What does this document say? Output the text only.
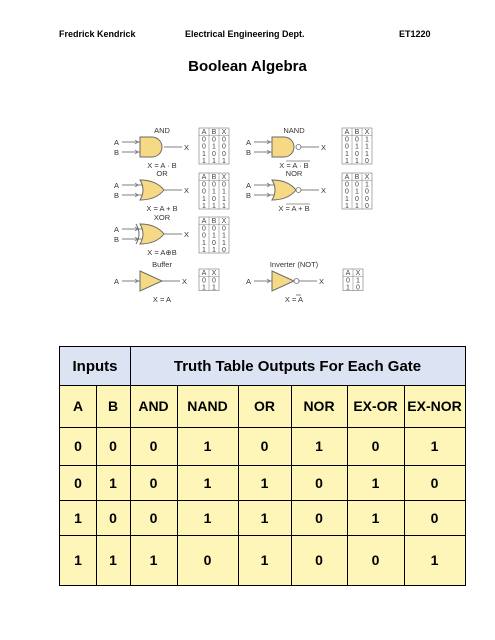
Fredrick Kendrick	Electrical Engineering Dept.	ET1220
Boolean Algebra
AND
A
B
X
X = A · B
A B X
0 0 0
0 1 0
1 0 0
1 1 1
NAND
A
B
X
X = A · B
A B X
0 0 1
0 1 1
1 0 1
1 1 0
OR
A
B
X
X = A + B
A B X
0 0 0
0 1 1
1 0 1
1 1 1
NOR
A
B
X
X = A + B
A B X
0 0 1
0 1 0
1 0 0
1 1 0
XOR
A
B
X
X = A⊕B
A B X
0 0 0
0 1 1
1 0 1
1 1 0
Buffer
A	X
X = A
A X
0 0
1 1
Inverter (NOT)
A	X
X = A
A X
0 1
1 0
Inputs	Truth Table Outputs For Each Gate
A	B	AND	NAND	OR	NOR	EX-OR EX-NOR
0	0	0	1	0	1	0	1
0	1	0	1	1	0	1	0
1	0	0	1	1	0	1	0
1	1	1	0	1	0	0	1
